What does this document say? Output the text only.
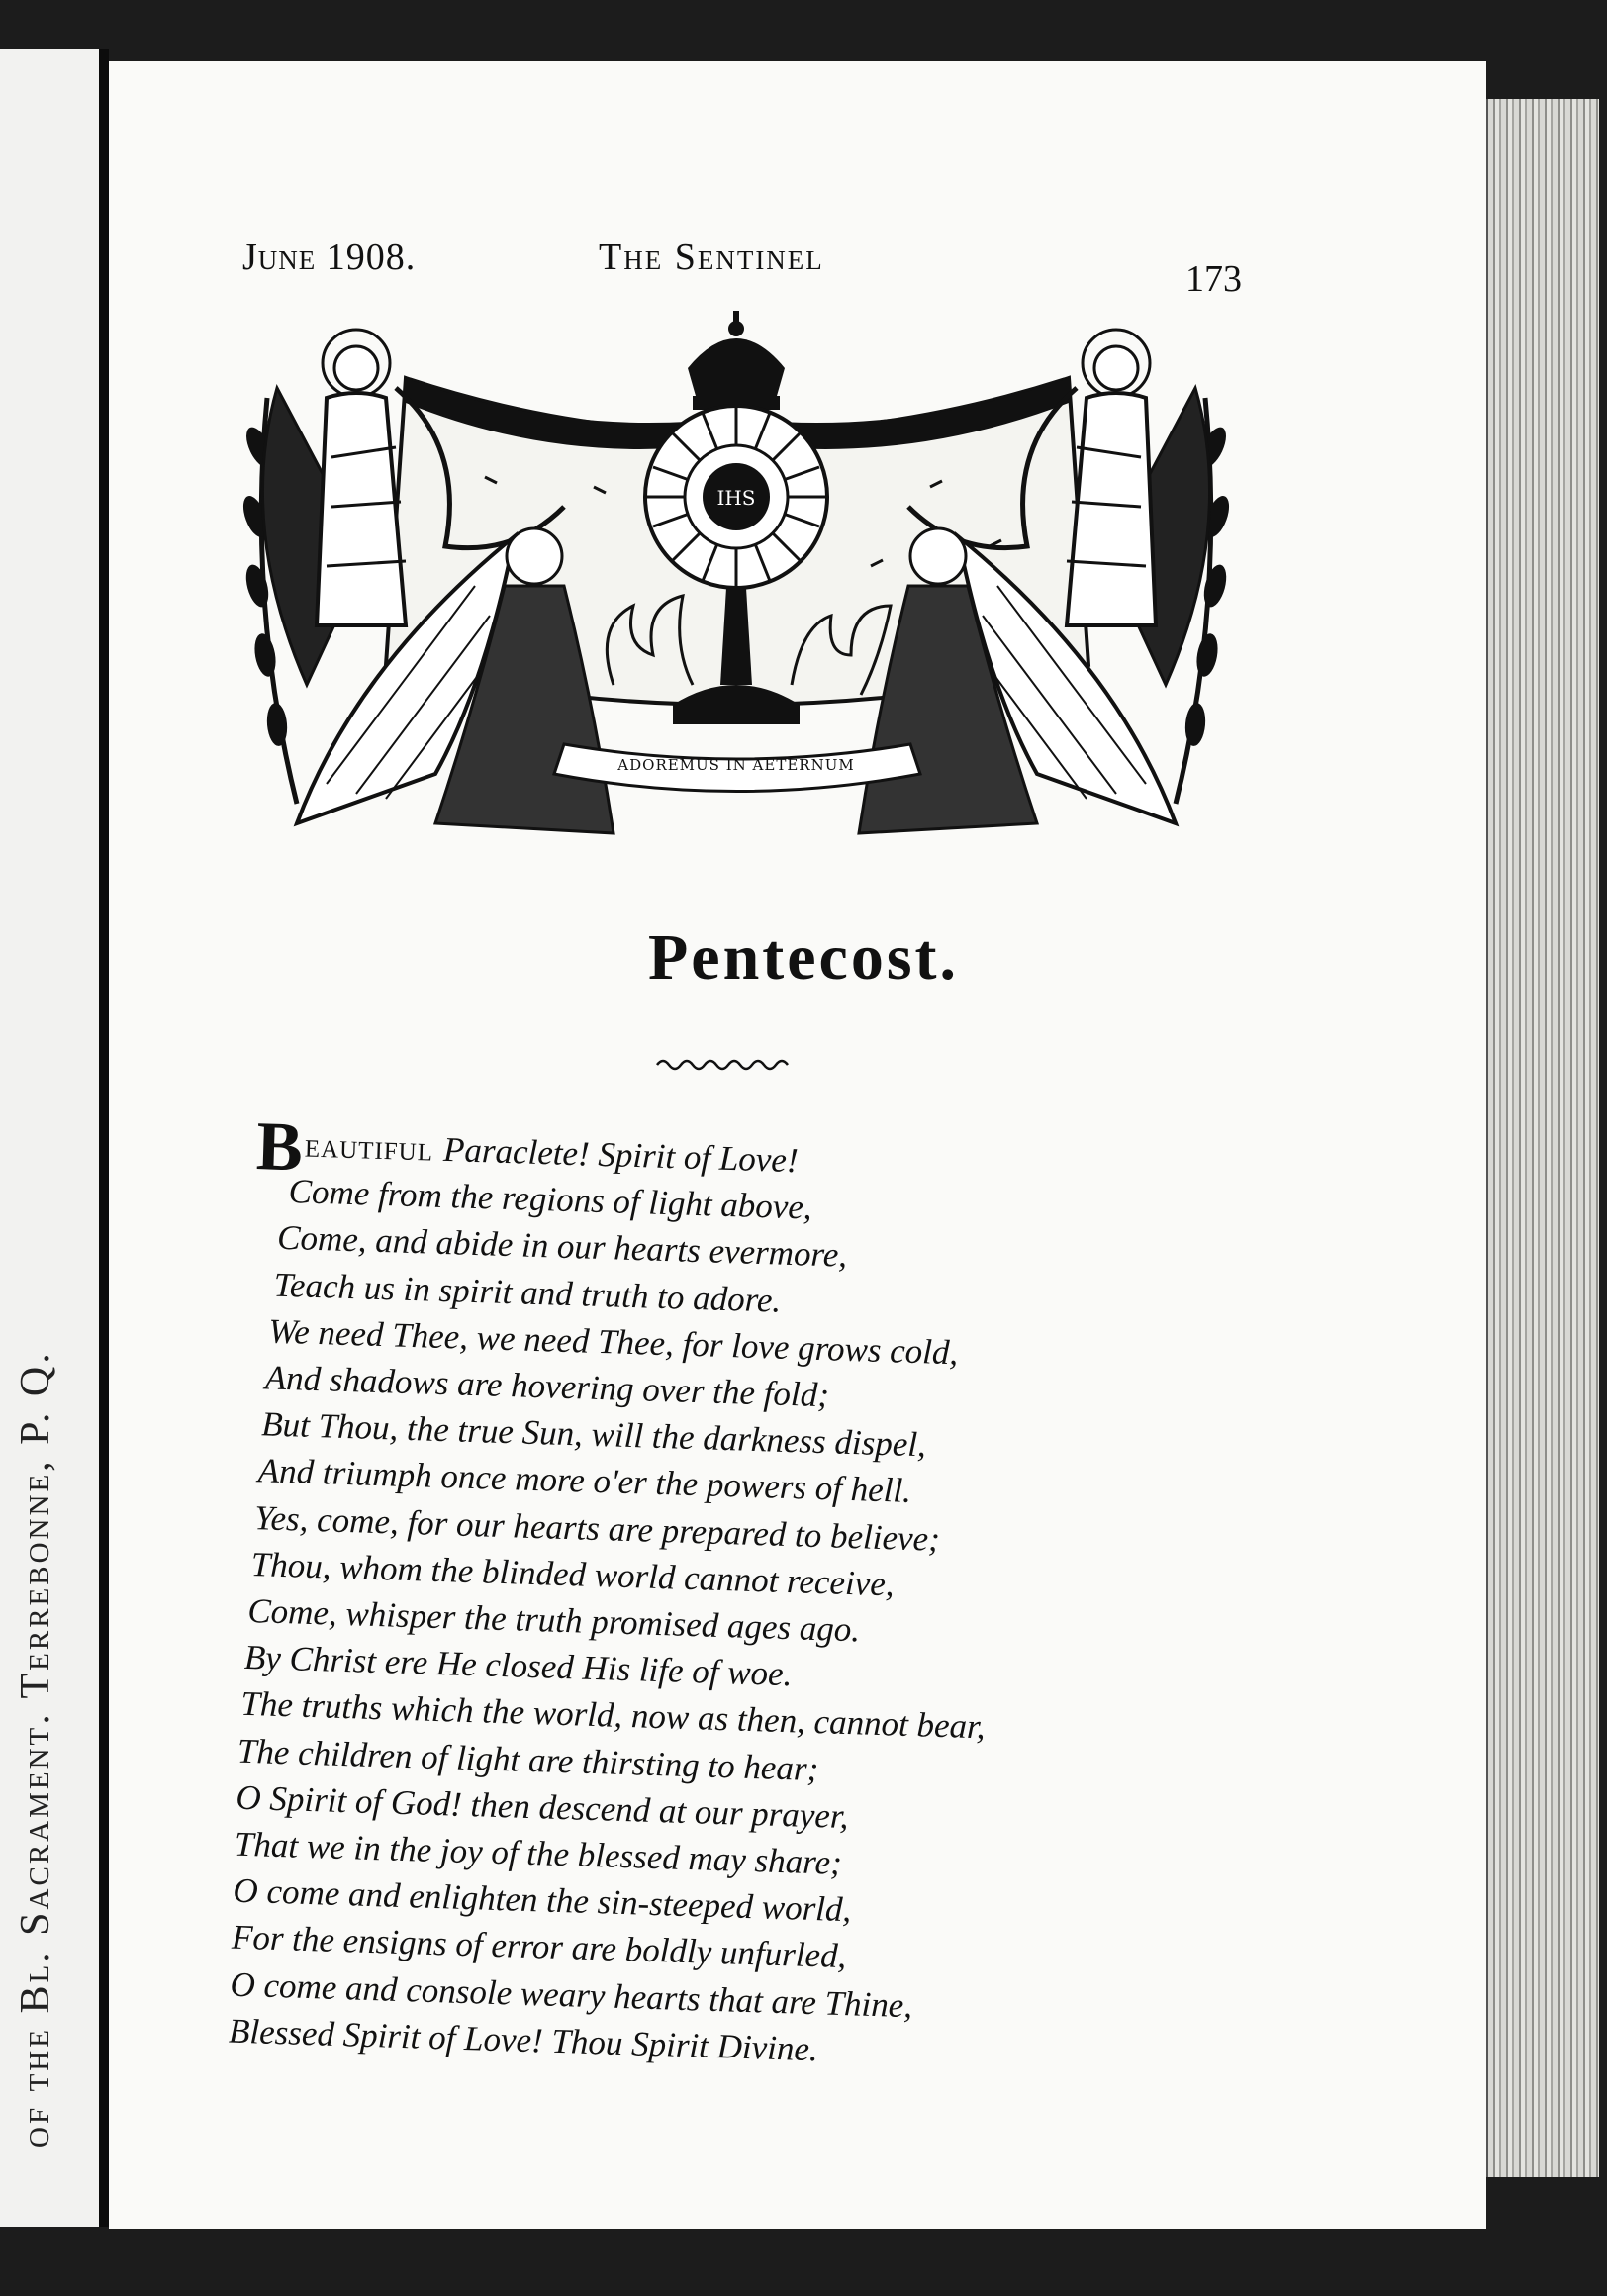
of the Bl. Sacrament. Terrebonne, P. Q.
June 1908.	The Sentinel
173
IHS
ADOREMUS IN AETERNUM
Pentecost.
Beautiful Paraclete! Spirit of Love!
Come from the regions of light above,
Come, and abide in our hearts evermore,
Teach us in spirit and truth to adore.
We need Thee, we need Thee, for love grows cold,
And shadows are hovering over the fold;
But Thou, the true Sun, will the darkness dispel,
And triumph once more o'er the powers of hell.
Yes, come, for our hearts are prepared to believe;
Thou, whom the blinded world cannot receive,
Come, whisper the truth promised ages ago.
By Christ ere He closed His life of woe.
The truths which the world, now as then, cannot bear,
The children of light are thirsting to hear;
O Spirit of God! then descend at our prayer,
That we in the joy of the blessed may share;
O come and enlighten the sin-steeped world,
For the ensigns of error are boldly unfurled,
O come and console weary hearts that are Thine,
Blessed Spirit of Love! Thou Spirit Divine.
